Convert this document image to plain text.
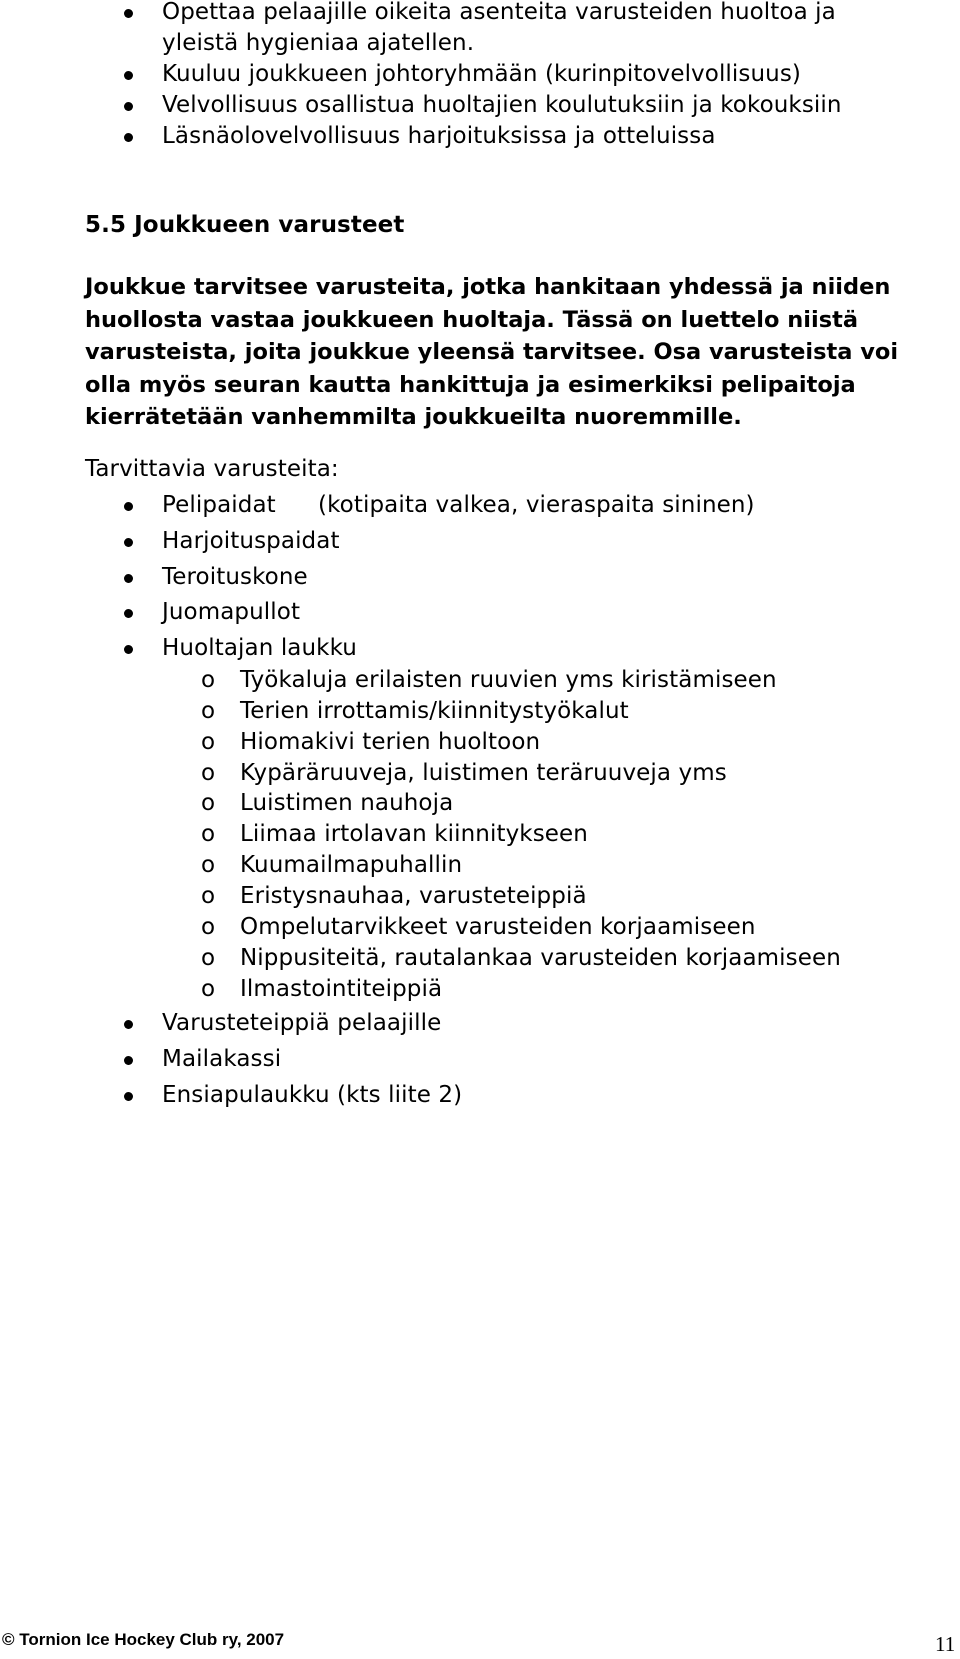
Opettaa pelaajille oikeita asenteita varusteiden huoltoa ja
yleistä hygieniaa ajatellen.
Kuuluu joukkueen johtoryhmään (kurinpitovelvollisuus)
Velvollisuus osallistua huoltajien koulutuksiin ja kokouksiin
Läsnäolovelvollisuus harjoituksissa ja otteluissa
5.5 Joukkueen varusteet
Joukkue tarvitsee varusteita, jotka hankitaan yhdessä ja niiden huollosta vastaa joukkueen huoltaja. Tässä on luettelo niistä varusteista, joita joukkue yleensä tarvitsee. Osa varusteista voi olla myös seuran kautta hankittuja ja esimerkiksi pelipaitoja kierrätetään vanhemmilta joukkueilta nuoremmille.
Tarvittavia varusteita:
Pelipaidat (kotipaita valkea, vieraspaita sininen)
Harjoituspaidat
Teroituskone
Juomapullot
Huoltajan laukku
o Työkaluja erilaisten ruuvien yms kiristämiseen
o Terien irrottamis/kiinnitystyökalut
o Hiomakivi terien huoltoon
o Kypäräruuveja, luistimen teräruuveja yms
o Luistimen nauhoja
o Liimaa irtolavan kiinnitykseen
o Kuumailmapuhallin
o Eristysnauhaa, varusteteippiä
o Ompelutarvikkeet varusteiden korjaamiseen
o Nippusiteitä, rautalankaa varusteiden korjaamiseen
o Ilmastointiteippiä
Varusteteippiä pelaajille
Mailakassi
Ensiapulaukku (kts liite 2)
© Tornion Ice Hockey Club ry, 2007	11
